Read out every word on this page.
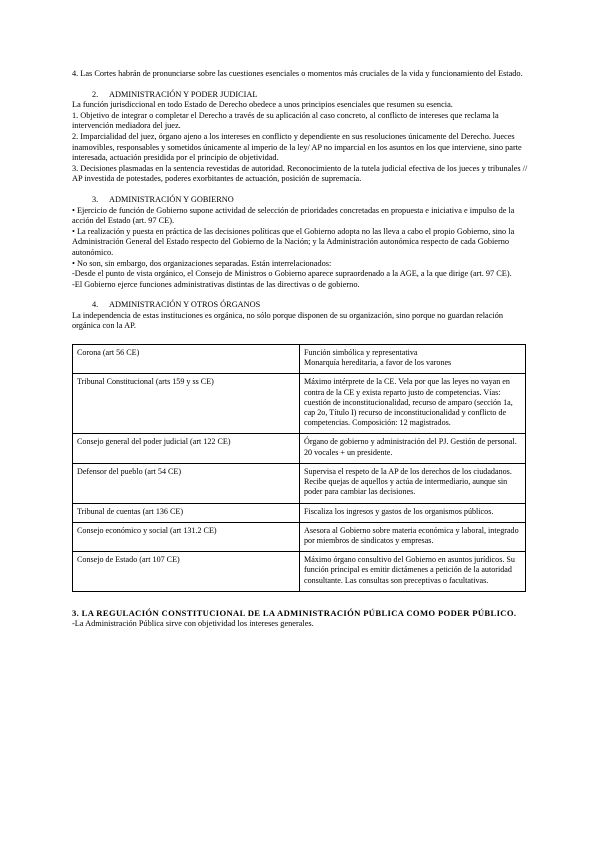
4. Las Cortes habrán de pronunciarse sobre las cuestiones esenciales o momentos más cruciales de la vida y funcionamiento del Estado.

2. ADMINISTRACIÓN Y PODER JUDICIAL

La función jurisdiccional en todo Estado de Derecho obedece a unos principios esenciales que resumen su esencia.

1. Objetivo de integrar o completar el Derecho a través de su aplicación al caso concreto, al conflicto de intereses que reclama la intervención mediadora del juez.

2. Imparcialidad del juez, órgano ajeno a los intereses en conflicto y dependiente en sus resoluciones únicamente del Derecho. Jueces inamovibles, responsables y sometidos únicamente al imperio de la ley/ AP no imparcial en los asuntos en los que interviene, sino parte interesada, actuación presidida por el principio de objetividad.

3. Decisiones plasmadas en la sentencia revestidas de autoridad. Reconocimiento de la tutela judicial efectiva de los jueces y tribunales // AP investida de potestades, poderes exorbitantes de actuación, posición de supremacía.

3. ADMINISTRACIÓN Y GOBIERNO

• Ejercicio de función de Gobierno supone actividad de selección de prioridades concretadas en propuesta e iniciativa e impulso de la acción del Estado (art. 97 CE).

• La realización y puesta en práctica de las decisiones políticas que el Gobierno adopta no las lleva a cabo el propio Gobierno, sino la Administración General del Estado respecto del Gobierno de la Nación; y la Administración autonómica respecto de cada Gobierno autonómico.

• No son, sin embargo, dos organizaciones separadas. Están interrelacionados:

-Desde el punto de vista orgánico, el Consejo de Ministros o Gobierno aparece supraordenado a la AGE, a la que dirige (art. 97 CE).

-El Gobierno ejerce funciones administrativas distintas de las directivas o de gobierno.

4. ADMINISTRACIÓN Y OTROS ÓRGANOS

La independencia de estas instituciones es orgánica, no sólo porque disponen de su organización, sino porque no guardan relación orgánica con la AP.

Corona (art 56 CE)	Función simbólica y representativa
Monarquía hereditaria, a favor de los varones
Tribunal Constitucional (arts 159 y ss CE)	Máximo intérprete de la CE. Vela por que las leyes no vayan en contra de la CE y exista reparto justo de competencias. Vías: cuestión de inconstitucionalidad, recurso de amparo (sección 1a, cap 2o, Título I) recurso de inconstitucionalidad y conflicto de competencias. Composición: 12 magistrados.
Consejo general del poder judicial (art 122 CE)	Órgano de gobierno y administración del PJ. Gestión de personal. 20 vocales + un presidente.
Defensor del pueblo (art 54 CE)	Supervisa el respeto de la AP de los derechos de los ciudadanos. Recibe quejas de aquellos y actúa de intermediario, aunque sin poder para cambiar las decisiones.
Tribunal de cuentas (art 136 CE)	Fiscaliza los ingresos y gastos de los organismos públicos.
Consejo económico y social (art 131.2 CE)	Asesora al Gobierno sobre materia económica y laboral, integrado por miembros de sindicatos y empresas.
Consejo de Estado (art 107 CE)	Máximo órgano consultivo del Gobierno en asuntos jurídicos. Su función principal es emitir dictámenes a petición de la autoridad consultante. Las consultas son preceptivas o facultativas.

3. LA REGULACIÓN CONSTITUCIONAL DE LA ADMINISTRACIÓN PÚBLICA COMO PODER PÚBLICO.

-La Administración Pública sirve con objetividad los intereses generales.
